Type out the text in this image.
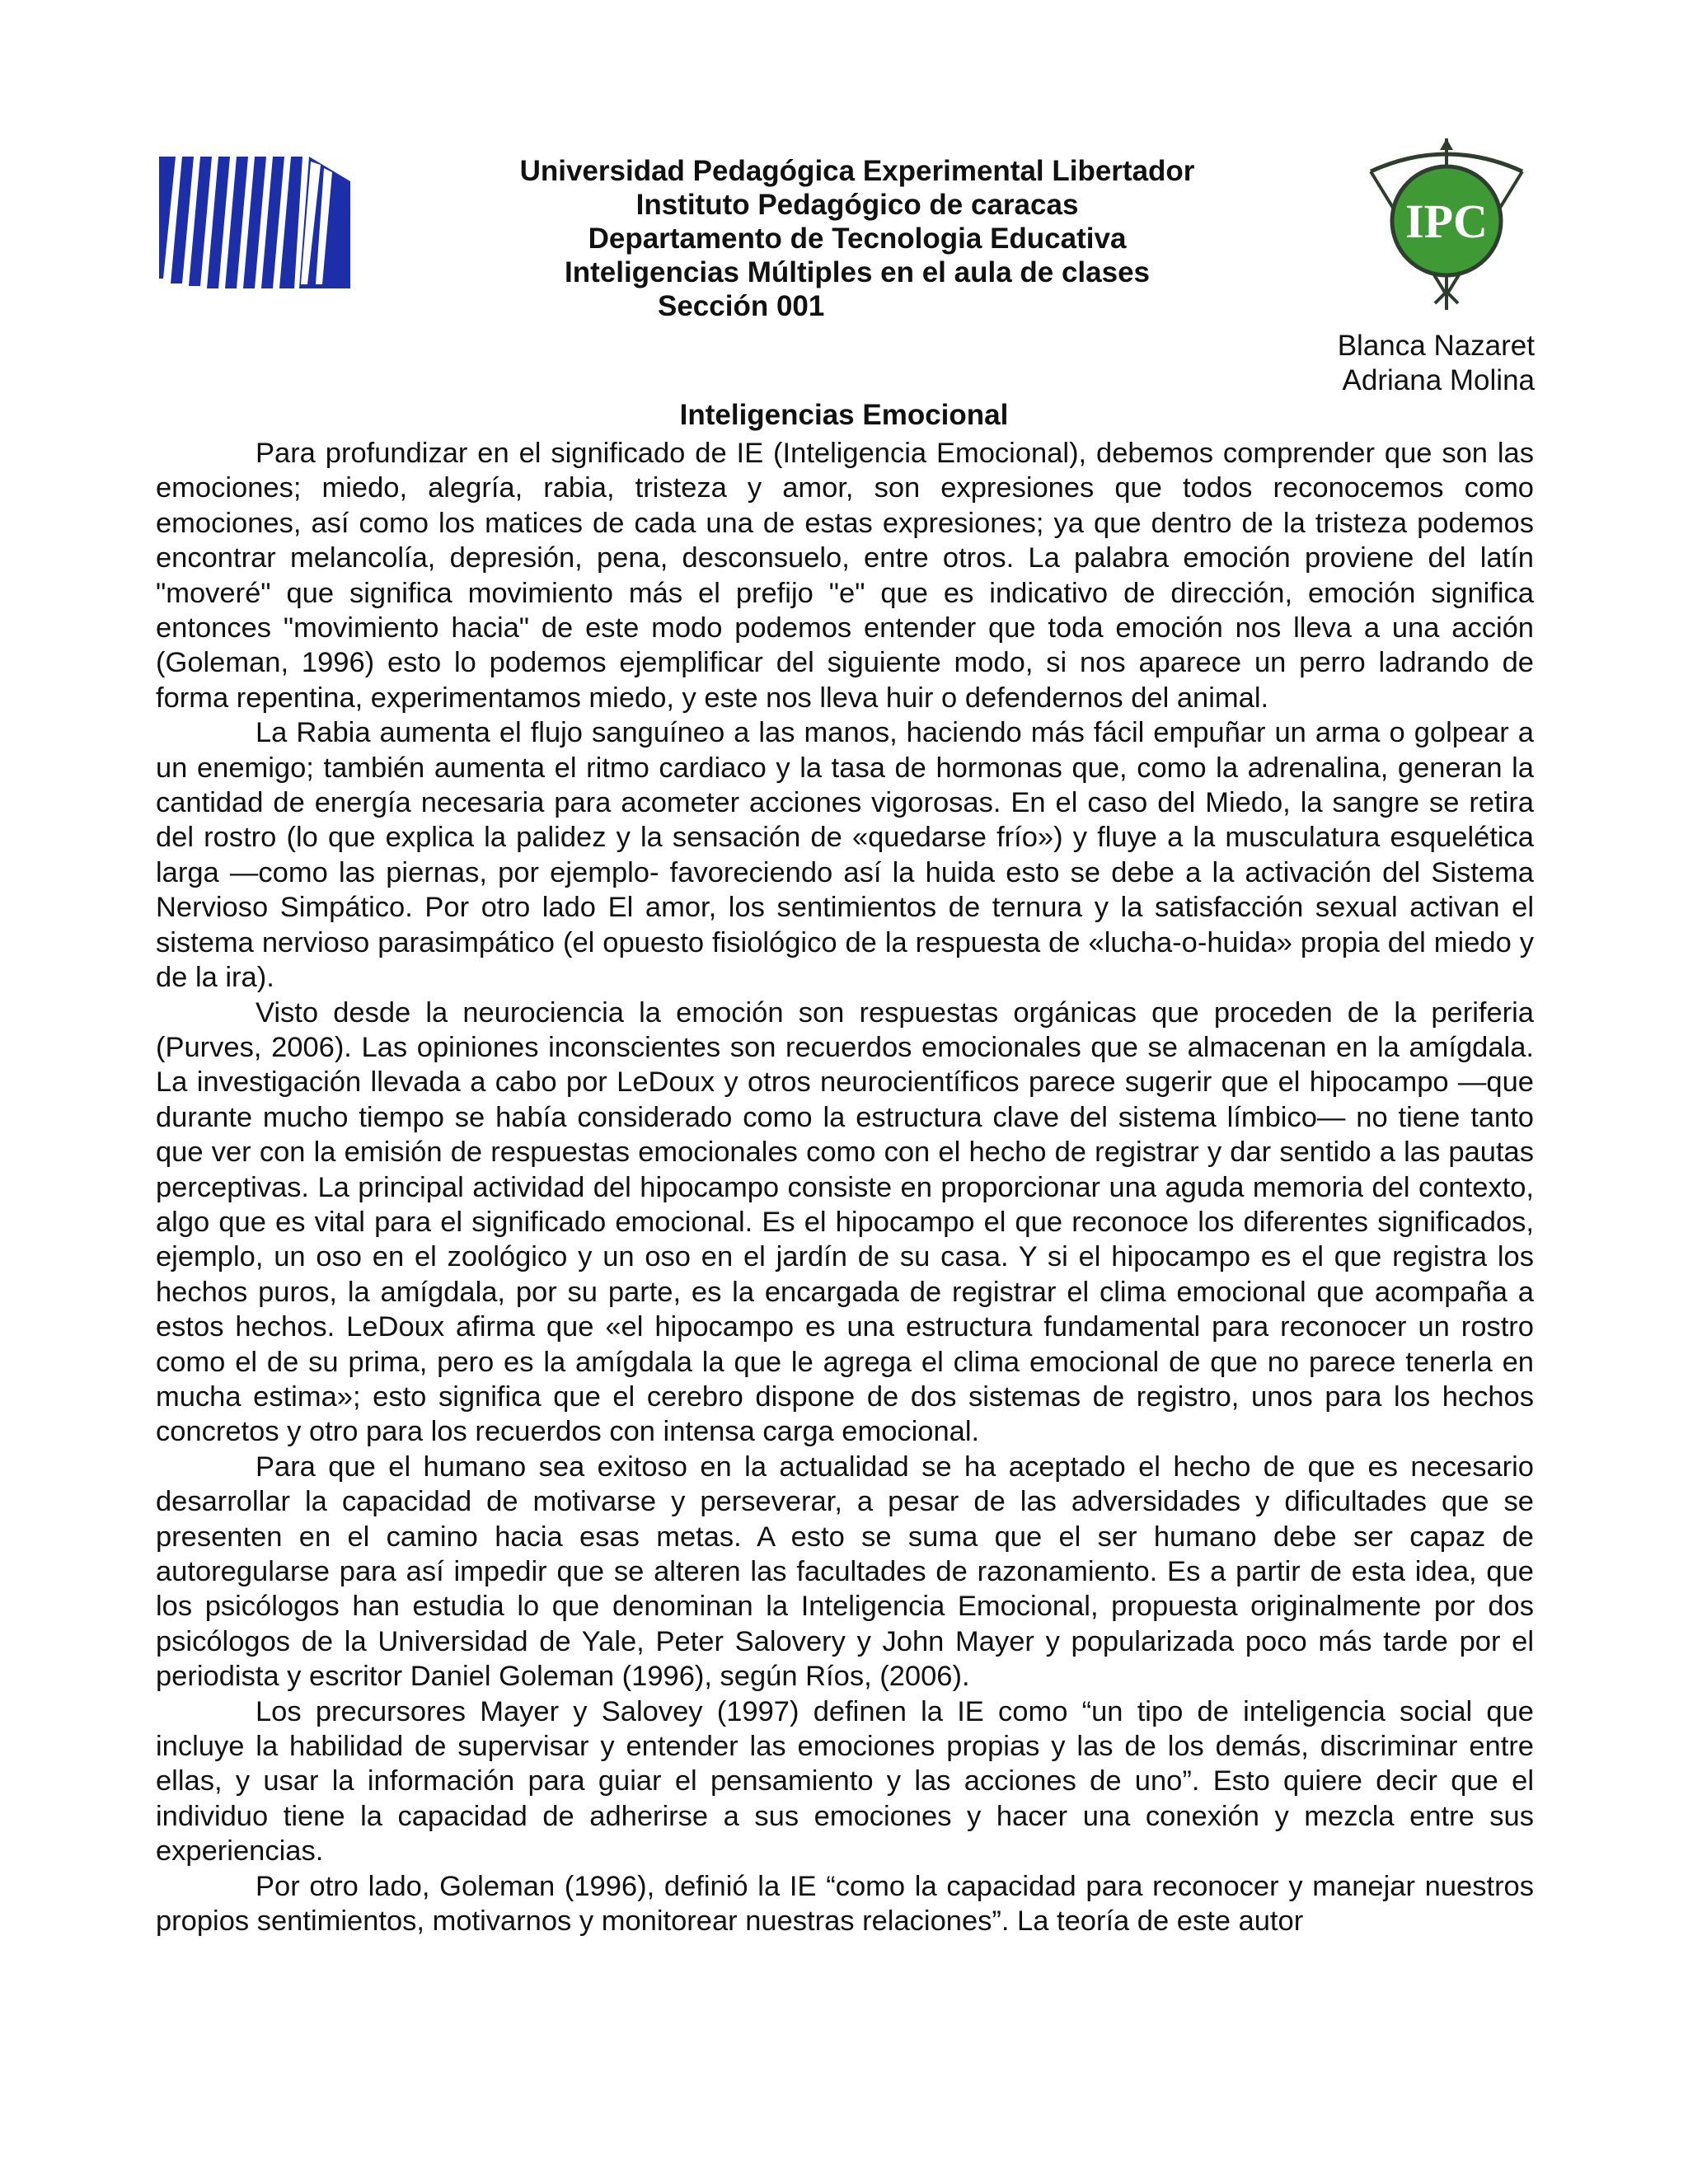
IPC
Universidad Pedagógica Experimental Libertador
Instituto Pedagógico de caracas
Departamento de Tecnologia Educativa
Inteligencias Múltiples en el aula de clases
Sección 001
Blanca Nazaret
Adriana Molina
Inteligencias Emocional

Para profundizar en el significado de IE (Inteligencia Emocional), debemos comprender que son las emociones; miedo, alegría, rabia, tristeza y amor, son expresiones que todos reconocemos como emociones, así como los matices de cada una de estas expresiones; ya que dentro de la tristeza podemos encontrar melancolía, depresión, pena, desconsuelo, entre otros. La palabra emoción proviene del latín "moveré" que significa movimiento más el prefijo "e" que es indicativo de dirección, emoción significa entonces "movimiento hacia" de este modo podemos entender que toda emoción nos lleva a una acción (Goleman, 1996) esto lo podemos ejemplificar del siguiente modo, si nos aparece un perro ladrando de forma repentina, experimentamos miedo, y este nos lleva huir o defendernos del animal.

La Rabia aumenta el flujo sanguíneo a las manos, haciendo más fácil empuñar un arma o golpear a un enemigo; también aumenta el ritmo cardiaco y la tasa de hormonas que, como la adrenalina, generan la cantidad de energía necesaria para acometer acciones vigorosas. En el caso del Miedo, la sangre se retira del rostro (lo que explica la palidez y la sensación de «quedarse frío») y fluye a la musculatura esquelética larga —como las piernas, por ejemplo- favoreciendo así la huida esto se debe a la activación del Sistema Nervioso Simpático. Por otro lado El amor, los sentimientos de ternura y la satisfacción sexual activan el sistema nervioso parasimpático (el opuesto fisiológico de la respuesta de «lucha-o-huida» propia del miedo y de la ira).

Visto desde la neurociencia la emoción son respuestas orgánicas que proceden de la periferia (Purves, 2006). Las opiniones inconscientes son recuerdos emocionales que se almacenan en la amígdala. La investigación llevada a cabo por LeDoux y otros neurocientíficos parece sugerir que el hipocampo —que durante mucho tiempo se había considerado como la estructura clave del sistema límbico— no tiene tanto que ver con la emisión de respuestas emocionales como con el hecho de registrar y dar sentido a las pautas perceptivas. La principal actividad del hipocampo consiste en proporcionar una aguda memoria del contexto, algo que es vital para el significado emocional. Es el hipocampo el que reconoce los diferentes significados, ejemplo, un oso en el zoológico y un oso en el jardín de su casa. Y si el hipocampo es el que registra los hechos puros, la amígdala, por su parte, es la encargada de registrar el clima emocional que acompaña a estos hechos. LeDoux afirma que «el hipocampo es una estructura fundamental para reconocer un rostro como el de su prima, pero es la amígdala la que le agrega el clima emocional de que no parece tenerla en mucha estima»; esto significa que el cerebro dispone de dos sistemas de registro, unos para los hechos concretos y otro para los recuerdos con intensa carga emocional.

Para que el humano sea exitoso en la actualidad se ha aceptado el hecho de que es necesario desarrollar la capacidad de motivarse y perseverar, a pesar de las adversidades y dificultades que se presenten en el camino hacia esas metas. A esto se suma que el ser humano debe ser capaz de autoregularse para así impedir que se alteren las facultades de razonamiento. Es a partir de esta idea, que los psicólogos han estudia lo que denominan la Inteligencia Emocional, propuesta originalmente por dos psicólogos de la Universidad de Yale, Peter Salovery y John Mayer y popularizada poco más tarde por el periodista y escritor Daniel Goleman (1996), según Ríos, (2006).

Los precursores Mayer y Salovey (1997) definen la IE como “un tipo de inteligencia social que incluye la habilidad de supervisar y entender las emociones propias y las de los demás, discriminar entre ellas, y usar la información para guiar el pensamiento y las acciones de uno”. Esto quiere decir que el individuo tiene la capacidad de adherirse a sus emociones y hacer una conexión y mezcla entre sus experiencias.

Por otro lado, Goleman (1996), definió la IE “como la capacidad para reconocer y manejar nuestros propios sentimientos, motivarnos y monitorear nuestras relaciones”. La teoría de este autor
